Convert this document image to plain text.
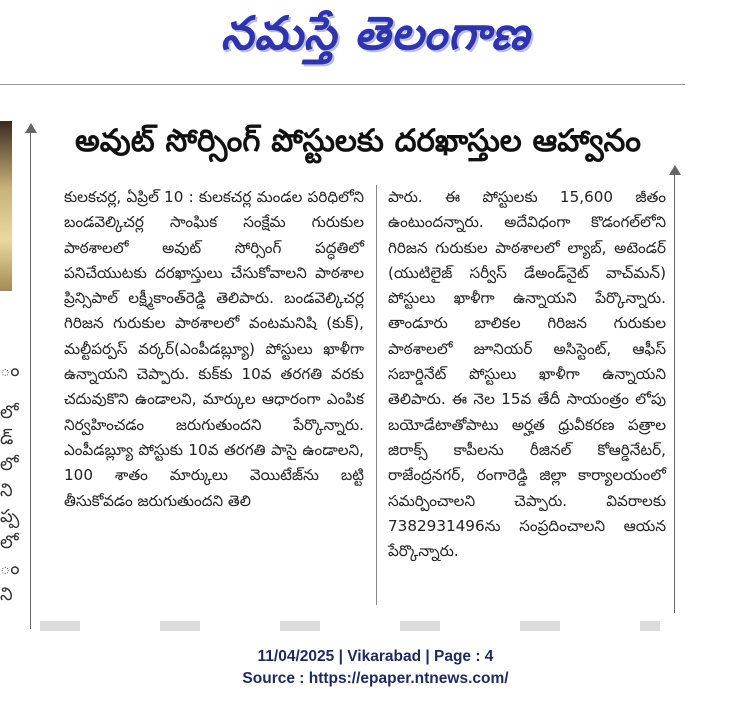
నమస్తే తెలంగాణ
ం
లో
డ్
లో
ని
ప్ప
లో
ం
ని
అవుట్ సోర్సింగ్ పోస్టులకు దరఖాస్తుల ఆహ్వానం

కులకచర్ల, ఏప్రిల్ 10 : కులకచర్ల మండల పరిధిలోని బండవెల్కిచర్ల సాంఘిక సంక్షేమ గురుకుల పాఠశాలలో అవుట్ సోర్సింగ్ పద్ధతిలో పనిచేయుటకు దరఖాస్తులు చేసుకోవాలని పాఠశాల ప్రిన్సిపాల్ లక్ష్మీకాంత్‌రెడ్డి తెలిపారు. బండవెల్కిచర్ల గిరిజన గురుకుల పాఠశాలలో వంటమనిషి (కుక్), మల్టీపర్పస్ వర్కర్(ఎంపీడబ్ల్యూ) పోస్టులు ఖాళీగా ఉన్నాయని చెప్పారు. కుక్‌కు 10వ తరగతి వరకు చదువుకొని ఉండాలని, మార్కుల ఆధారంగా ఎంపిక నిర్వహించడం జరుగుతుందని పేర్కొన్నారు. ఎంపీడబ్ల్యూ పోస్టుకు 10వ తరగతి పాసై ఉండాలని, 100 శాతం మార్కులు వెయిటేజ్‌ను బట్టి తీసుకోవడం జరుగుతుందని తెలి

పారు. ఈ పోస్టులకు 15,600 జీతం ఉంటుందన్నారు. అదేవిధంగా కొడంగల్‌లోని గిరిజన గురుకుల పాఠశాలలో ల్యాబ్, అటెండర్ (యుటిలైజ్ సర్వీస్ డేఅండ్‌నైట్ వాచ్‌మన్) పోస్టులు ఖాళీగా ఉన్నాయని పేర్కొన్నారు. తాండూరు బాలికల గిరిజన గురుకుల పాఠశాలలో జూనియర్ అసిస్టెంట్, ఆఫీస్ సబార్డినేట్ పోస్టులు ఖాళీగా ఉన్నాయని తెలిపారు. ఈ నెల 15వ తేదీ సాయంత్రం లోపు బయోడేటాతోపాటు అర్హత ధ్రువీకరణ పత్రాల జిరాక్స్ కాపీలను రీజినల్ కోఆర్డినేటర్, రాజేంద్రనగర్, రంగారెడ్డి జిల్లా కార్యాలయంలో సమర్పించాలని చెప్పారు. వివరాలకు 7382931496ను సంప్రదించాలని ఆయన పేర్కొన్నారు.

11/04/2025 | Vikarabad | Page : 4
Source : https://epaper.ntnews.com/
